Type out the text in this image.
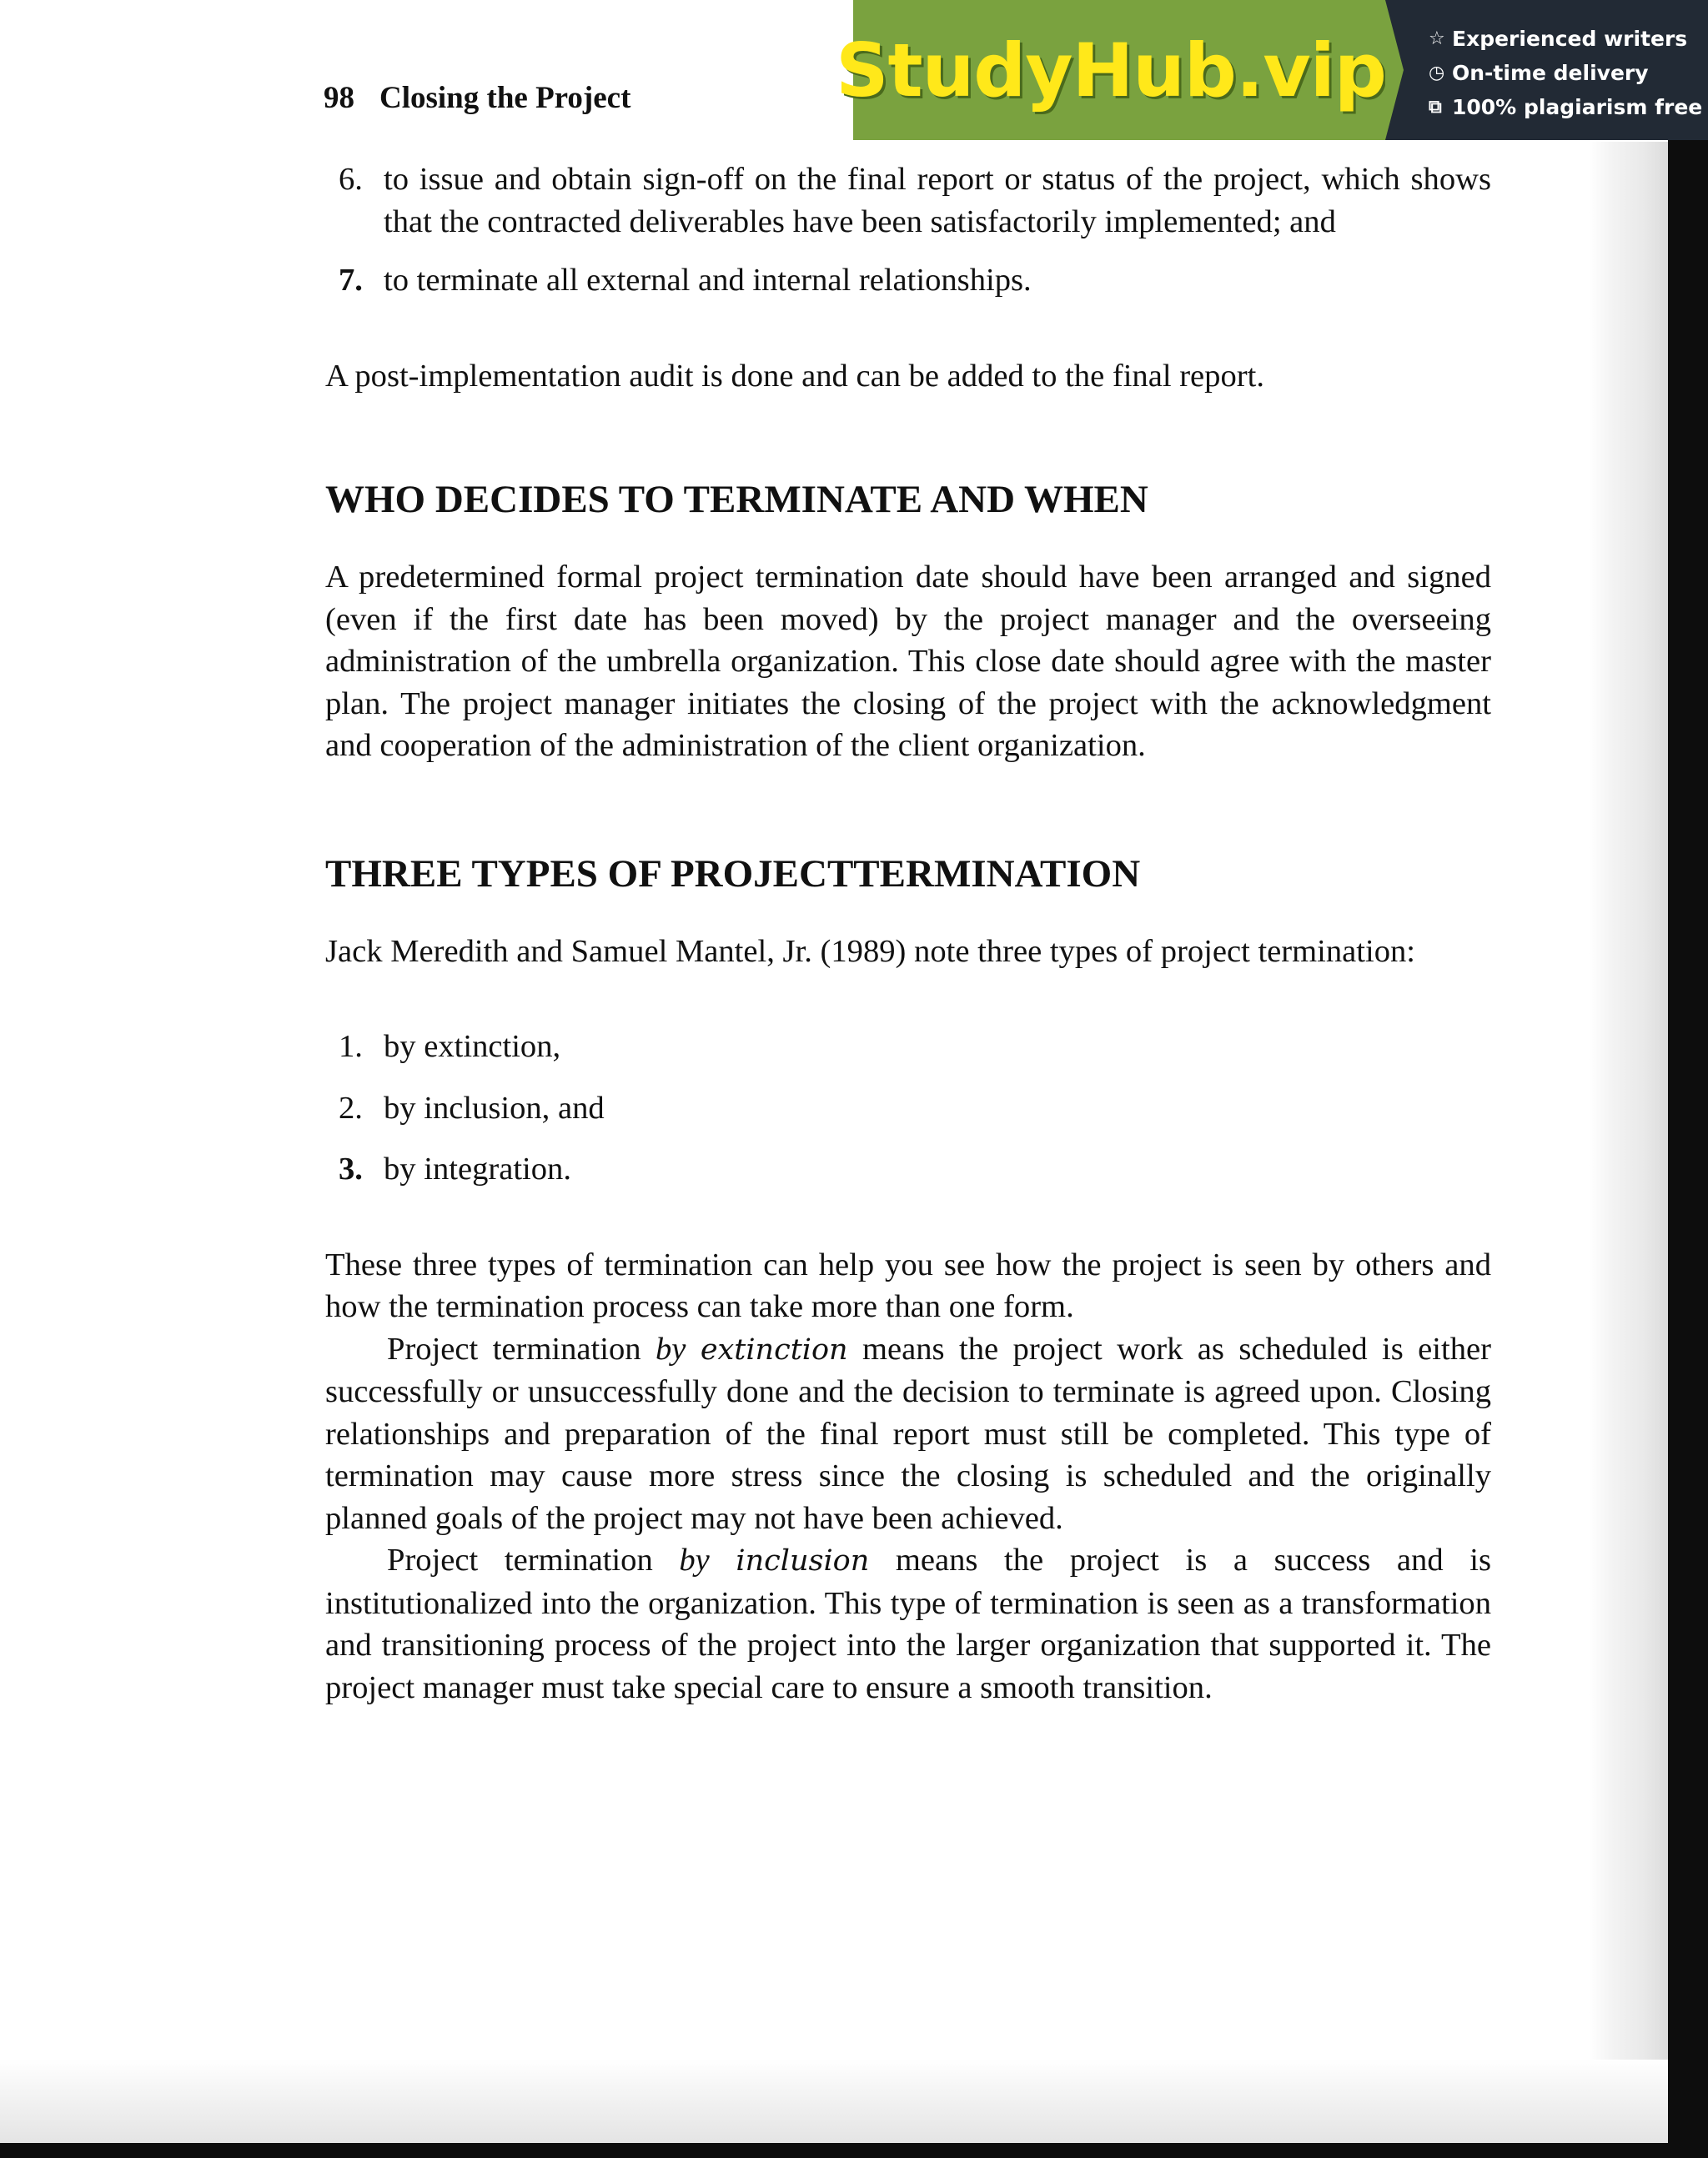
☆ Experienced writers
◷ On-time delivery
⧉ 100% plagiarism free
StudyHub.vip
98 Closing the Project
6. to issue and obtain sign-off on the final report or status of the project, which shows that the contracted deliverables have been satisfactorily implemented; and
7. to terminate all external and internal relationships.

A post-implementation audit is done and can be added to the final report.

WHO DECIDES TO TERMINATE AND WHEN

A predetermined formal project termination date should have been arranged and signed (even if the first date has been moved) by the project manager and the overseeing administration of the umbrella organization. This close date should agree with the master plan. The project manager initiates the closing of the project with the acknowledgment and cooperation of the administration of the client organization.

THREE TYPES OF PROJECTTERMINATION

Jack Meredith and Samuel Mantel, Jr. (1989) note three types of project termination:

1. by extinction,
2. by inclusion, and
3. by integration.

These three types of termination can help you see how the project is seen by others and how the termination process can take more than one form.

Project termination by extinction means the project work as scheduled is either successfully or unsuccessfully done and the decision to terminate is agreed upon. Closing relationships and preparation of the final report must still be completed. This type of termination may cause more stress since the closing is scheduled and the originally planned goals of the project may not have been achieved.

Project termination by inclusion means the project is a success and is institutionalized into the organization. This type of termination is seen as a transformation and transitioning process of the project into the larger organization that supported it. The project manager must take special care to ensure a smooth transition.
